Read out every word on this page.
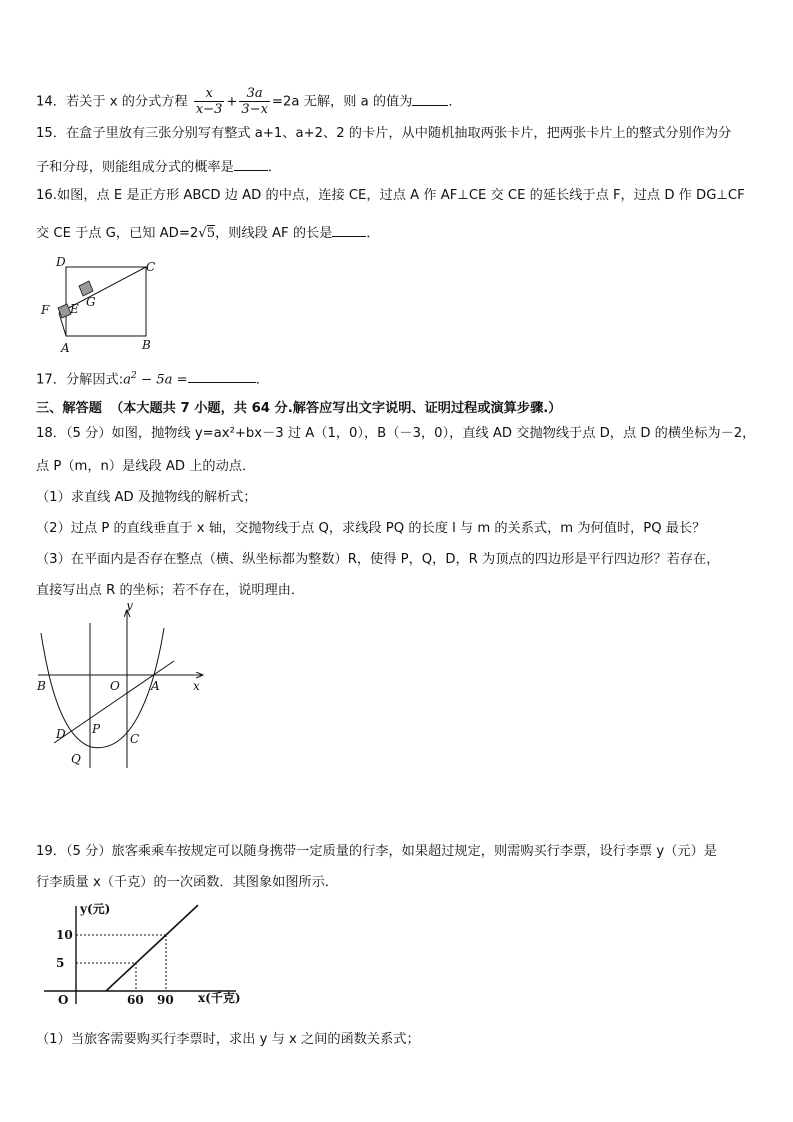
14．若关于 x 的分式方程 $\frac{x}{x-3} + \frac{3a}{3-x} =2a$ 无解，则 a 的值为	．
15．在盒子里放有三张分别写有整式 a+1、a+2、2 的卡片，从中随机抽取两张卡片，把两张卡片上的整式分别作为分
子和分母，则能组成分式的概率是	．
16.如图，点 E 是正方形 ABCD 边 AD 的中点，连接 CE，过点 A 作 AF⊥CE 交 CE 的延长线于点 F，过点 D 作 DG⊥CF
交 CE 于点 G，已知 AD=2√5，则线段 AF 的长是	．
D	C
G
E
F
A	B
17．分解因式$:a^2 - 5a$ =	．
三、解答题 （本大题共 7 小题，共 64 分.解答应写出文字说明、证明过程或演算步骤.）
18．（5 分）如图，抛物线 y=ax²+bx－3 过 A（1，0），B（－3，0），直线 AD 交抛物线于点 D，点 D 的横坐标为－2，
点 P（m，n）是线段 AD 上的动点．
（1）求直线 AD 及抛物线的解析式；
（2）过点 P 的直线垂直于 x 轴，交抛物线于点 Q，求线段 PQ 的长度 l 与 m 的关系式，m 为何值时，PQ 最长？
（3）在平面内是否存在整点（横、纵坐标都为整数）R，使得 P，Q，D，R 为顶点的四边形是平行四边形？若存在，
直接写出点 R 的坐标；若不存在，说明理由．
y
x
B	O	A
D P
C
Q
19．（5 分）旅客乘乘车按规定可以随身携带一定质量的行李，如果超过规定，则需购买行李票，设行李票 y（元）是
行李质量 x（千克）的一次函数．其图象如图所示．
10
5
60 90
y(元)
x(千克)
O
（1）当旅客需要购买行李票时，求出 y 与 x 之间的函数关系式；
